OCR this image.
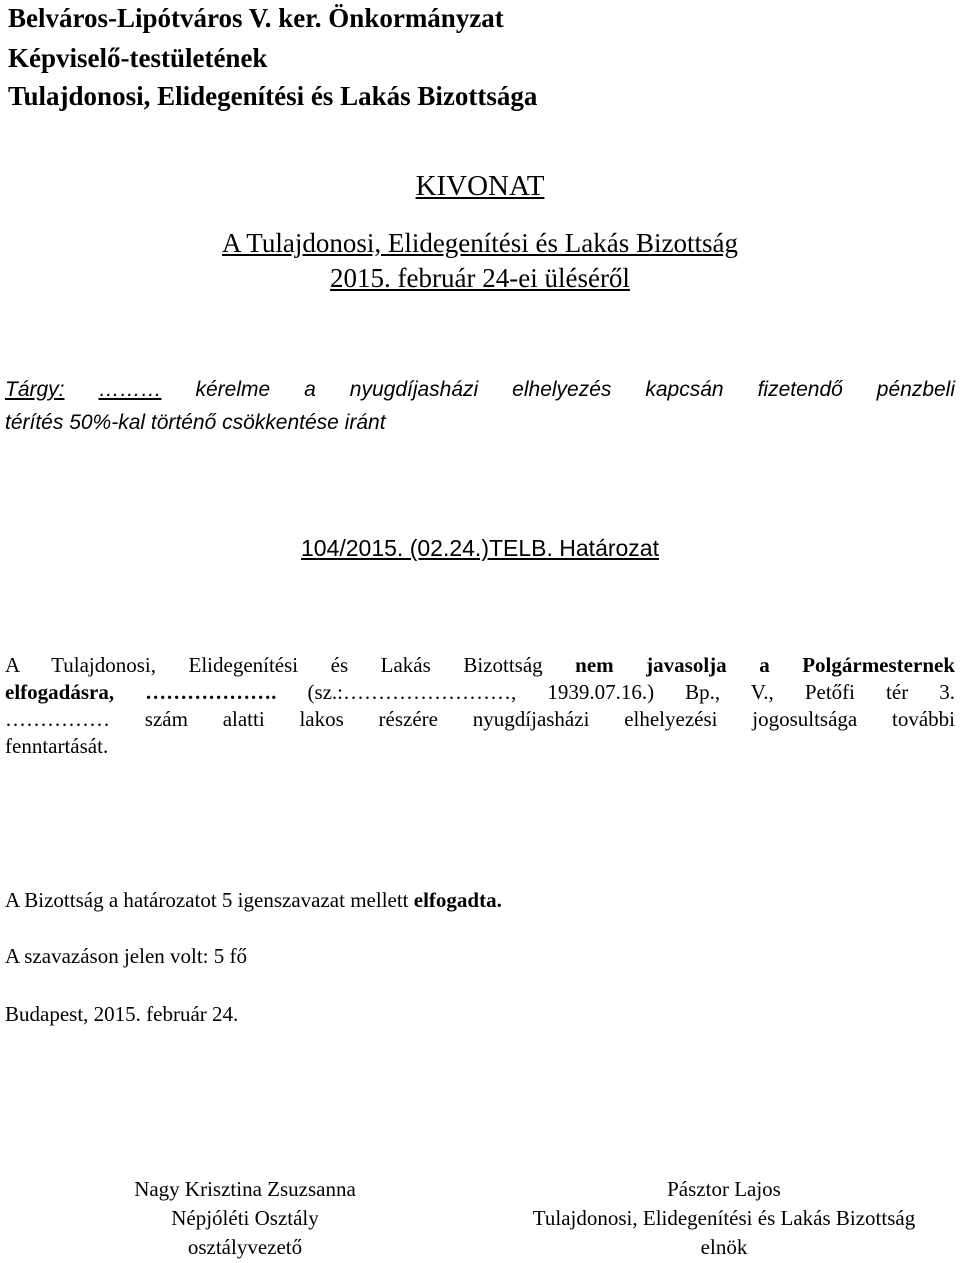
Belváros-Lipótváros V. ker. Önkormányzat
Képviselő-testületének
Tulajdonosi, Elidegenítési és Lakás Bizottsága
KIVONAT
A Tulajdonosi, Elidegenítési és Lakás Bizottság
2015. február 24-ei üléséről
Tárgy: ……… kérelme a nyugdíjasházi elhelyezés kapcsán fizetendő pénzbeli
térítés 50%-kal történő csökkentése iránt
104/2015. (02.24.)TELB. Határozat
A Tulajdonosi, Elidegenítési és Lakás Bizottság nem javasolja a Polgármesternek
elfogadásra, ………………. (sz.:……………………, 1939.07.16.) Bp., V., Petőfi tér 3.
…………… szám alatti lakos részére nyugdíjasházi elhelyezési jogosultsága további
fenntartását.
A Bizottság a határozatot 5 igenszavazat mellett elfogadta.
A szavazáson jelen volt: 5 fő
Budapest, 2015. február 24.
Nagy Krisztina Zsuzsanna
Népjóléti Osztály
osztályvezető
Pásztor Lajos
Tulajdonosi, Elidegenítési és Lakás Bizottság
elnök
